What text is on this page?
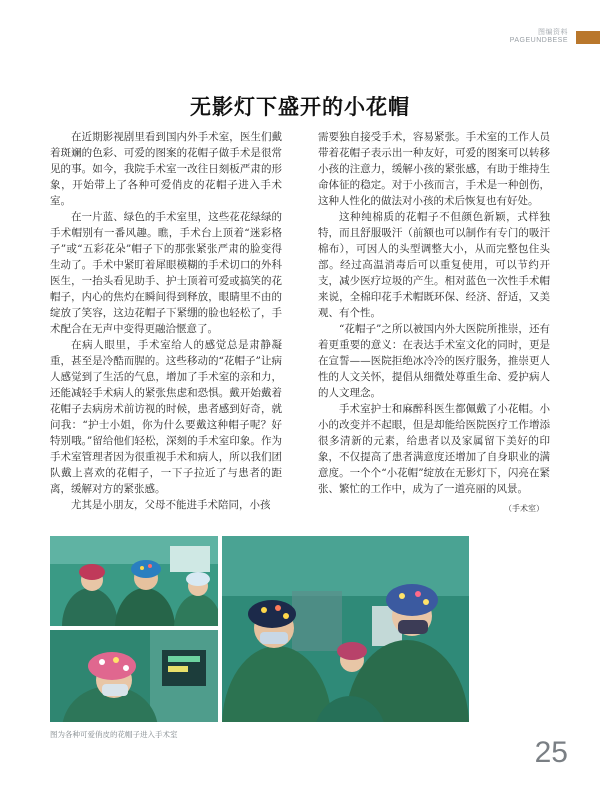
图编资料
PAGEUNDBESE
无影灯下盛开的小花帽

在近期影视剧里看到国内外手术室，医生们戴着斑斓的色彩、可爱的图案的花帽子做手术是很常见的事。如今，我院手术室一改往日刻板严肃的形象，开始带上了各种可爱俏皮的花帽子进入手术室。

在一片蓝、绿色的手术室里，这些花花绿绿的手术帽别有一番风趣。瞧，手术台上顶着“迷彩格子”或“五彩花朵”帽子下的那张紧张严肃的脸变得生动了。手术中紧盯着犀眼模糊的手术切口的外科医生，一抬头看见助手、护士顶着可爱或搞笑的花帽子，内心的焦灼在瞬间得到释放，眼睛里不由的绽放了笑容，这边花帽子下紧绷的脸也轻松了，手术配合在无声中变得更融洽惬意了。

在病人眼里，手术室给人的感觉总是肃静凝重，甚至是冷酷而腥的。这些移动的“花帽子”让病人感觉到了生活的气息，增加了手术室的亲和力，还能减轻手术病人的紧张焦虑和恐惧。戴开始戴着花帽子去病房术前访视的时候，患者感到好奇，就问我：“护士小姐，你为什么要戴这种帽子呢？好特别哦。”留给他们轻松，深刻的手术室印象。作为手术室管理者因为很重视手术和病人，所以我们团队戴上喜欢的花帽子，一下子拉近了与患者的距离，缓解对方的紧张感。

尤其是小朋友，父母不能进手术陪同，小孩

需要独自接受手术，容易紧张。手术室的工作人员带着花帽子表示出一种友好，可爱的图案可以转移小孩的注意力，缓解小孩的紧张感，有助于维持生命体征的稳定。对于小孩而言，手术是一种创伤，这种人性化的做法对小孩的术后恢复也有好处。

这种纯棉质的花帽子不但颜色新颖，式样独特，而且舒服吸汗（前额也可以制作有专门的吸汗棉布），可因人的头型调整大小，从而完整包住头部。经过高温消毒后可以重复使用，可以节约开支，减少医疗垃圾的产生。相对蓝色一次性手术帽来说，全棉印花手术帽既环保、经济、舒适，又美观、有个性。

“花帽子”之所以被国内外大医院所推崇，还有着更重要的意义：在表达手术室文化的同时，更是在宣誓——医院拒绝冰冷冷的医疗服务，推崇更人性的人文关怀，提倡从细微处尊重生命、爱护病人的人文理念。

手术室护士和麻醉科医生都佩戴了小花帽。小小的改变并不起眼，但是却能给医院医疗工作增添很多清新的元素，给患者以及家属留下美好的印象，不仅提高了患者满意度还增加了自身职业的满意度。一个个“小花帽”绽放在无影灯下，闪亮在紧张、繁忙的工作中，成为了一道亮丽的风景。

（手术室）
图为各种可爱俏皮的花帽子进入手术室
25
